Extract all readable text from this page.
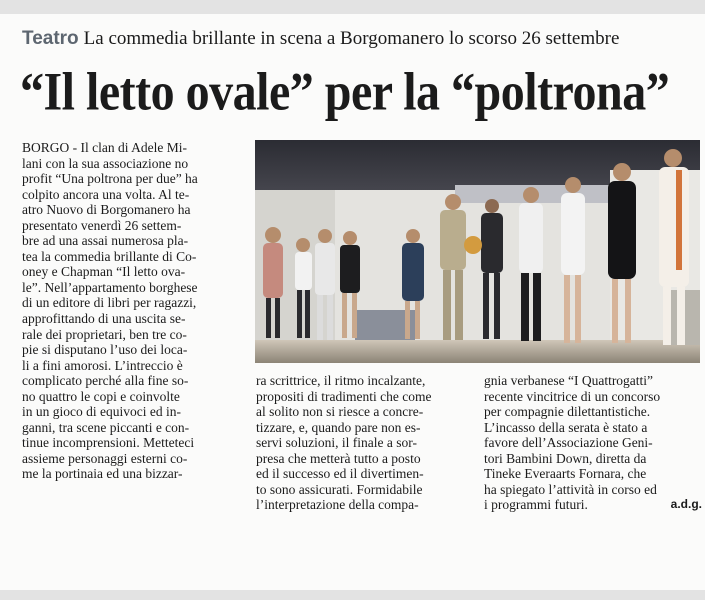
Teatro La commedia brillante in scena a Borgomanero lo scorso 26 settembre
“Il letto ovale” per la “poltrona”
BORGO - Il clan di Adele Mi-
lani con la sua associazione no
profit “Una poltrona per due” ha
colpito ancora una volta. Al te-
atro Nuovo di Borgomanero ha
presentato venerdì 26 settem-
bre ad una assai numerosa pla-
tea la commedia brillante di Co-
oney e Chapman “Il letto ova-
le”. Nell’appartamento borghese
di un editore di libri per ragazzi,
approfittando di una uscita se-
rale dei proprietari, ben tre co-
pie si disputano l’uso dei loca-
li a fini amorosi. L’intreccio è
complicato perché alla fine so-
no quattro le copi e coinvolte
in un gioco di equivoci ed in-
ganni, tra scene piccanti e con-
tinue incomprensioni. Metteteci
assieme personaggi esterni co-
me la portinaia ed una bizzar-
ra scrittrice, il ritmo incalzante,
propositi di tradimenti che come
al solito non si riesce a concre-
tizzare, e, quando pare non es-
servi soluzioni, il finale a sor-
presa che metterà tutto a posto
ed il successo ed il divertimen-
to sono assicurati. Formidabile
l’interpretazione della compa-
gnia verbanese “I Quattrogatti”
recente vincitrice di un concorso
per compagnie dilettantistiche.
L’incasso della serata è stato a
favore dell’Associazione Geni-
tori Bambini Down, diretta da
Tineke Everaarts Fornara, che
ha spiegato l’attività in corso ed
i programmi futuri.	a.d.g.
